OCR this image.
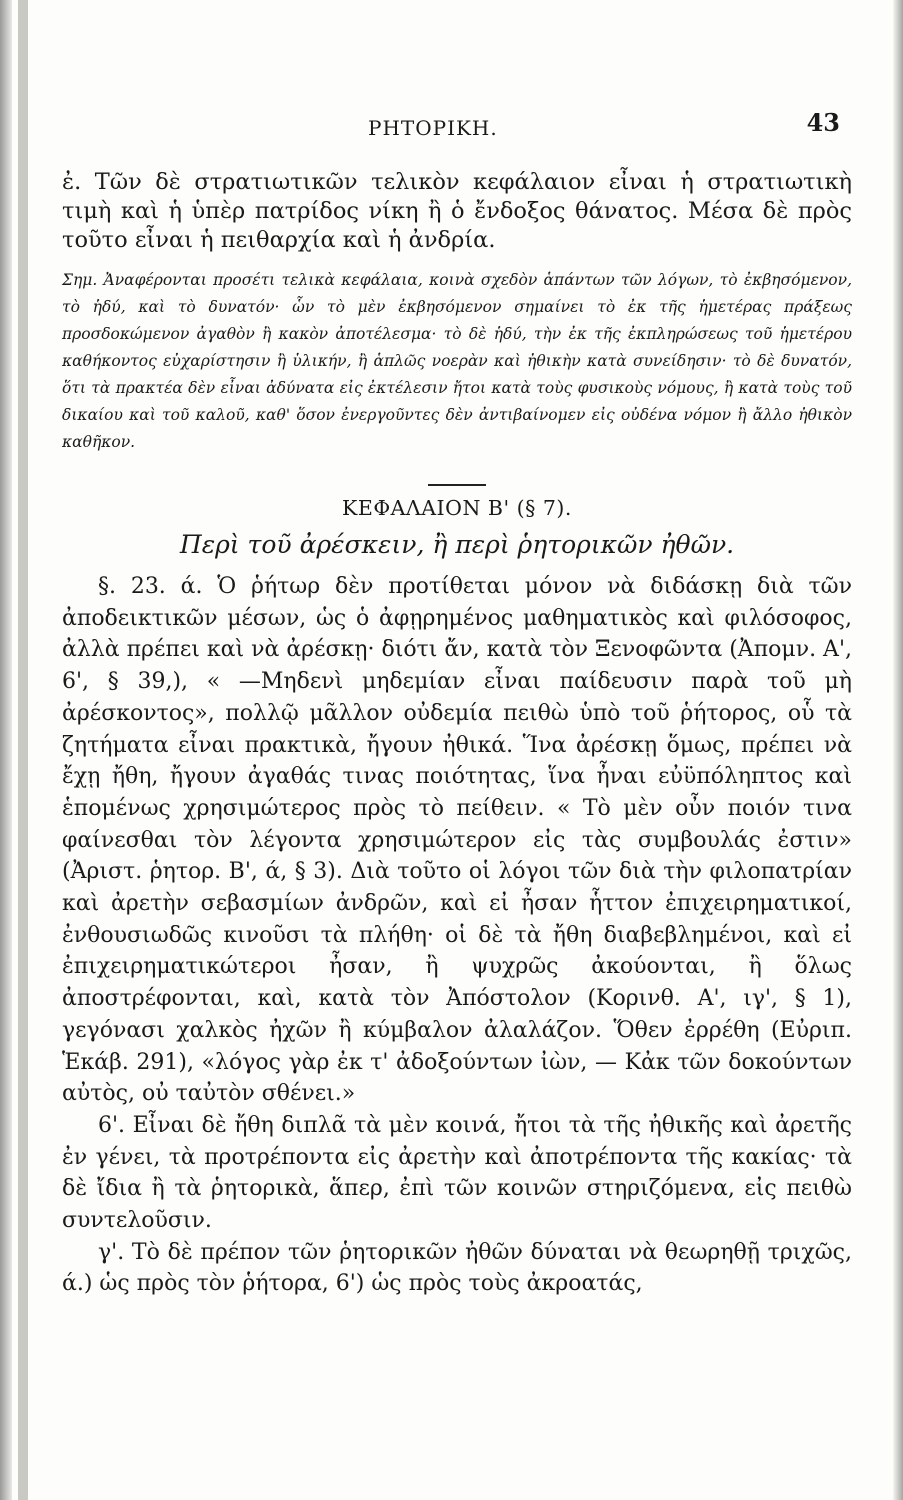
ΡΗΤΟΡΙΚΗ.	43

ἐ. Τῶν δὲ στρατιωτικῶν τελικὸν κεφάλαιον εἶναι ἡ στρατιωτικὴ τιμὴ καὶ ἡ ὑπὲρ πατρίδος νίκη ἢ ὁ ἔνδοξος θάνατος. Μέσα δὲ πρὸς τοῦτο εἶναι ἡ πειθαρχία καὶ ἡ ἀνδρία.

Σημ. Ἀναφέρονται προσέτι τελικὰ κεφάλαια, κοινὰ σχεδὸν ἁπάντων τῶν λόγων, τὸ ἐκβησόμενον, τὸ ἡδύ, καὶ τὸ δυνατόν· ὧν τὸ μὲν ἐκβησόμενον σημαίνει τὸ ἐκ τῆς ἡμετέρας πράξεως προσδοκώμενον ἀγαθὸν ἢ κακὸν ἀποτέλεσμα· τὸ δὲ ἡδύ, τὴν ἐκ τῆς ἐκπληρώσεως τοῦ ἡμετέρου καθήκοντος εὐχαρίστησιν ἢ ὑλικήν, ἢ ἁπλῶς νοερὰν καὶ ἠθικὴν κατὰ συνείδησιν· τὸ δὲ δυνατόν, ὅτι τὰ πρακτέα δὲν εἶναι ἀδύνατα εἰς ἐκτέλεσιν ἤτοι κατὰ τοὺς φυσικοὺς νόμους, ἢ κατὰ τοὺς τοῦ δικαίου καὶ τοῦ καλοῦ, καθ' ὅσον ἐνεργοῦντες δὲν ἀντιβαίνομεν εἰς οὐδένα νόμον ἢ ἄλλο ἠθικὸν καθῆκον.

ΚΕΦΑΛΑΙΟΝ Β' (§ 7).
Περὶ τοῦ ἀρέσκειν, ἢ περὶ ῥητορικῶν ἠθῶν.

§. 23. ά. Ὁ ῥήτωρ δὲν προτίθεται μόνον νὰ διδάσκῃ διὰ τῶν ἀποδεικτικῶν μέσων, ὡς ὁ ἀφῃρημένος μαθηματικὸς καὶ φιλόσοφος, ἀλλὰ πρέπει καὶ νὰ ἀρέσκῃ· διότι ἄν, κατὰ τὸν Ξενοφῶντα (Ἀπομν. Α', 6', § 39,), « —Μηδενὶ μηδεμίαν εἶναι παίδευσιν παρὰ τοῦ μὴ ἀρέσκοντος», πολλῷ μᾶλλον οὐδεμία πειθὼ ὑπὸ τοῦ ῥήτορος, οὗ τὰ ζητήματα εἶναι πρακτικὰ, ἤγουν ἠθικά. Ἵνα ἀρέσκῃ ὅμως, πρέπει νὰ ἔχῃ ἤθη, ἤγουν ἀγαθάς τινας ποιότητας, ἵνα ἦναι εὐϋπόληπτος καὶ ἑπομένως χρησιμώτερος πρὸς τὸ πείθειν. « Τὸ μὲν οὖν ποιόν τινα φαίνεσθαι τὸν λέγοντα χρησιμώτερον εἰς τὰς συμβουλάς ἐστιν» (Ἀριστ. ῥητορ. Β', ά, § 3). Διὰ τοῦτο οἱ λόγοι τῶν διὰ τὴν φιλοπατρίαν καὶ ἀρετὴν σεβασμίων ἀνδρῶν, καὶ εἰ ἦσαν ἧττον ἐπιχειρηματικοί, ἐνθουσιωδῶς κινοῦσι τὰ πλήθη· οἱ δὲ τὰ ἤθη διαβεβλημένοι, καὶ εἰ ἐπιχειρηματικώτεροι ἦσαν, ἢ ψυχρῶς ἀκούονται, ἢ ὅλως ἀποστρέφονται, καὶ, κατὰ τὸν Ἀπόστολον (Κορινθ. Α', ιγ', § 1), γεγόνασι χαλκὸς ἠχῶν ἢ κύμβαλον ἀλαλάζον. Ὅθεν ἐρρέθη (Εὐριπ. Ἑκάβ. 291), «λόγος γὰρ ἐκ τ' ἀδοξούντων ἰὼν, — Κἀκ τῶν δοκούντων αὐτὸς, οὐ ταὐτὸν σθένει.»

6'. Εἶναι δὲ ἤθη διπλᾶ τὰ μὲν κοινά, ἤτοι τὰ τῆς ἠθικῆς καὶ ἀρετῆς ἐν γένει, τὰ προτρέποντα εἰς ἀρετὴν καὶ ἀποτρέποντα τῆς κακίας· τὰ δὲ ἴδια ἢ τὰ ῥητορικὰ, ἅπερ, ἐπὶ τῶν κοινῶν στηριζόμενα, εἰς πειθὼ συντελοῦσιν.

γ'. Τὸ δὲ πρέπον τῶν ῥητορικῶν ἠθῶν δύναται νὰ θεωρηθῇ τριχῶς, ά.) ὡς πρὸς τὸν ῥήτορα, 6') ὡς πρὸς τοὺς ἀκροατάς,
